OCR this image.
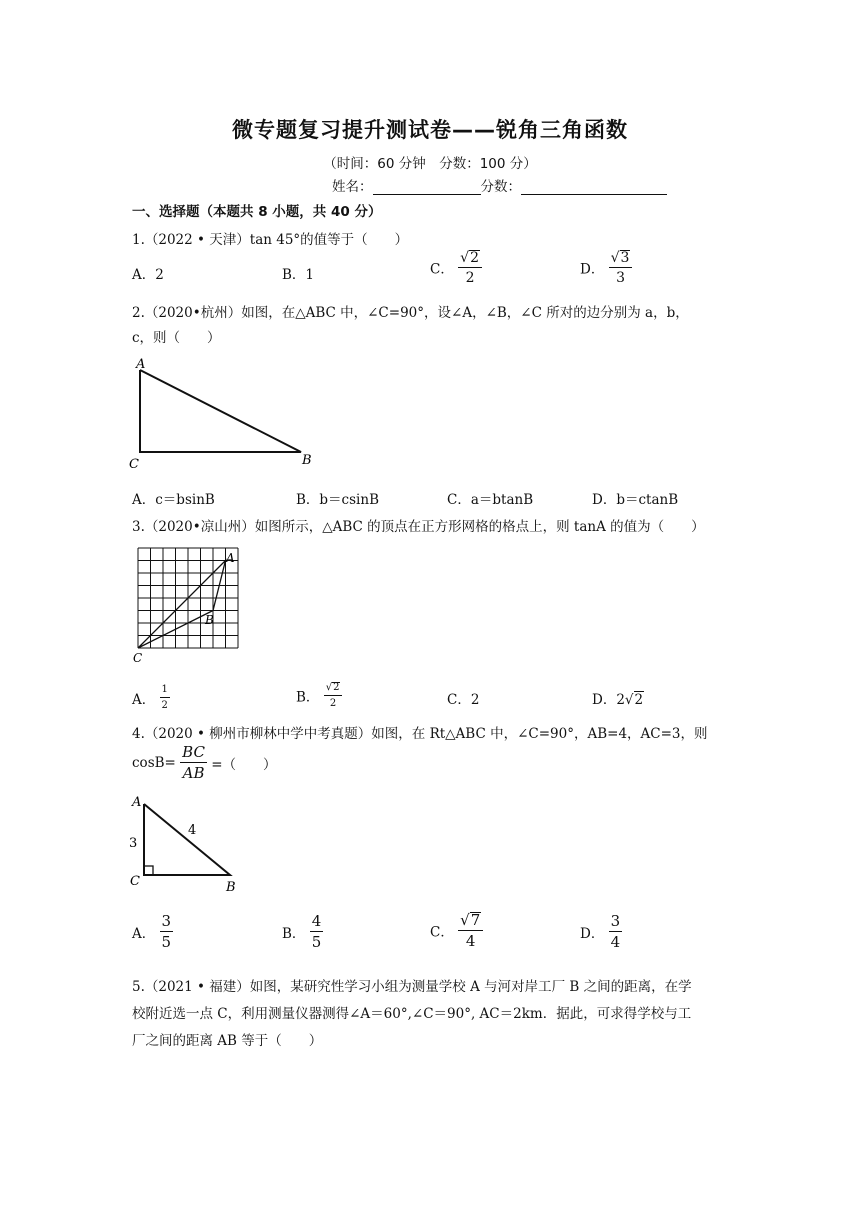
微专题复习提升测试卷——锐角三角函数
（时间：60 分钟　分数：100 分）
姓名：	分数：
一、选择题（本题共 8 小题，共 40 分）
1.（2022 • 天津）tan 45°的值等于（　　）
A．2	B．1	C． $\frac{√ 2}{2}$	D． $\frac{√ 3}{3}$
2.（2020•杭州）如图，在△ABC 中，∠C=90°，设∠A，∠B，∠C 所对的边分别为 a，b，
c，则（　　）
A
C	B
A．c＝bsinB	B．b＝csinB	C．a＝btanB	D．b＝ctanB
3.（2020•凉山州）如图所示，△ABC 的顶点在正方形网格的格点上，则 tanA 的值为（　　）
A
B
C
A． $\frac{1}{2}$	B． $\frac{√ 2}{2}$	C．2	D．2 √ 2
4.（2020 • 柳州市柳林中学中考真题）如图，在 Rt△ABC 中，∠C=90°，AB=4，AC=3，则
$\cos B= \frac{BC}{AB}$ =（　　）
A
C	B
3
4
A． $\frac{3}{5}$	B． $\frac{4}{5}$	C． $\frac{√ 7}{4}$	D． $\frac{3}{4}$
5.（2021 • 福建）如图，某研究性学习小组为测量学校 A 与河对岸工厂 B 之间的距离，在学
校附近选一点 C，利用测量仪器测得∠A＝60°,∠C＝90°, AC＝2km．据此，可求得学校与工
厂之间的距离 AB 等于（　　）
